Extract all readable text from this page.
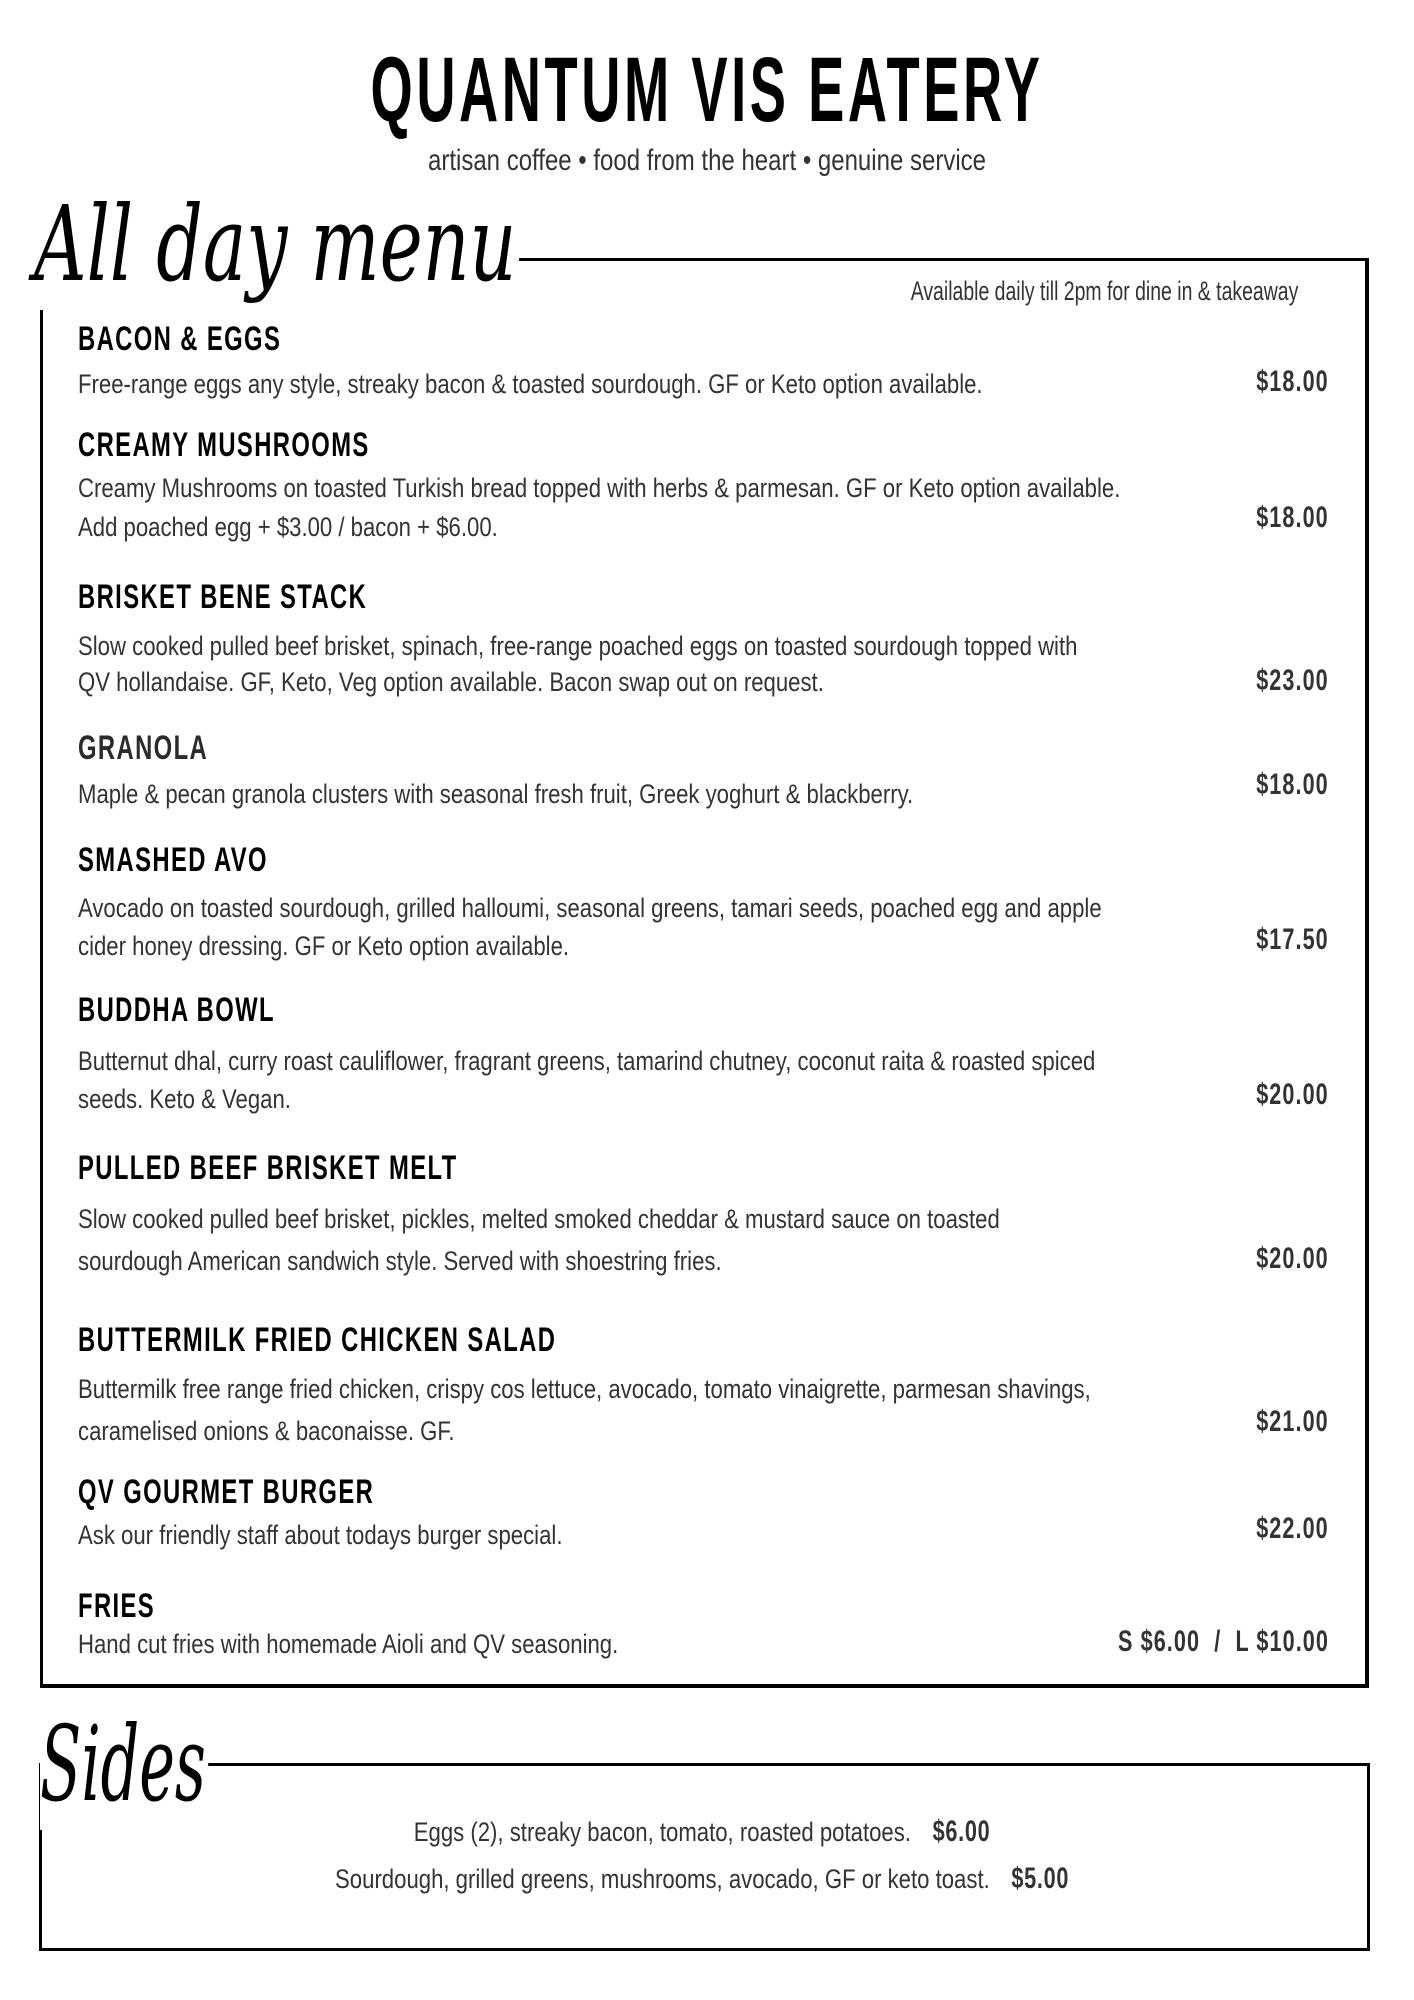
QUANTUM VIS EATERY
artisan coffee • food from the heart • genuine service
All day menu	Available daily till 2pm for dine in & takeaway
BACON & EGGS
Free-range eggs any style, streaky bacon & toasted sourdough. GF or Keto option available.	$18.00
CREAMY MUSHROOMS
Creamy Mushrooms on toasted Turkish bread topped with herbs & parmesan. GF or Keto option available.
Add poached egg + $3.00 / bacon + $6.00.	$18.00
BRISKET BENE STACK
Slow cooked pulled beef brisket, spinach, free-range poached eggs on toasted sourdough topped with
QV hollandaise. GF, Keto, Veg option available. Bacon swap out on request.	$23.00
GRANOLA
Maple & pecan granola clusters with seasonal fresh fruit, Greek yoghurt & blackberry.	$18.00
SMASHED AVO
Avocado on toasted sourdough, grilled halloumi, seasonal greens, tamari seeds, poached egg and apple
cider honey dressing. GF or Keto option available.	$17.50
BUDDHA BOWL
Butternut dhal, curry roast cauliflower, fragrant greens, tamarind chutney, coconut raita & roasted spiced
seeds. Keto & Vegan.	$20.00
PULLED BEEF BRISKET MELT
Slow cooked pulled beef brisket, pickles, melted smoked cheddar & mustard sauce on toasted
sourdough American sandwich style. Served with shoestring fries.	$20.00
BUTTERMILK FRIED CHICKEN SALAD
Buttermilk free range fried chicken, crispy cos lettuce, avocado, tomato vinaigrette, parmesan shavings,
caramelised onions & baconaisse. GF.	$21.00
QV GOURMET BURGER
Ask our friendly staff about todays burger special.	$22.00
FRIES
Hand cut fries with homemade Aioli and QV seasoning.	S $6.00  /  L $10.00
Sides
Eggs (2), streaky bacon, tomato, roasted potatoes. $6.00
Sourdough, grilled greens, mushrooms, avocado, GF or keto toast. $5.00
